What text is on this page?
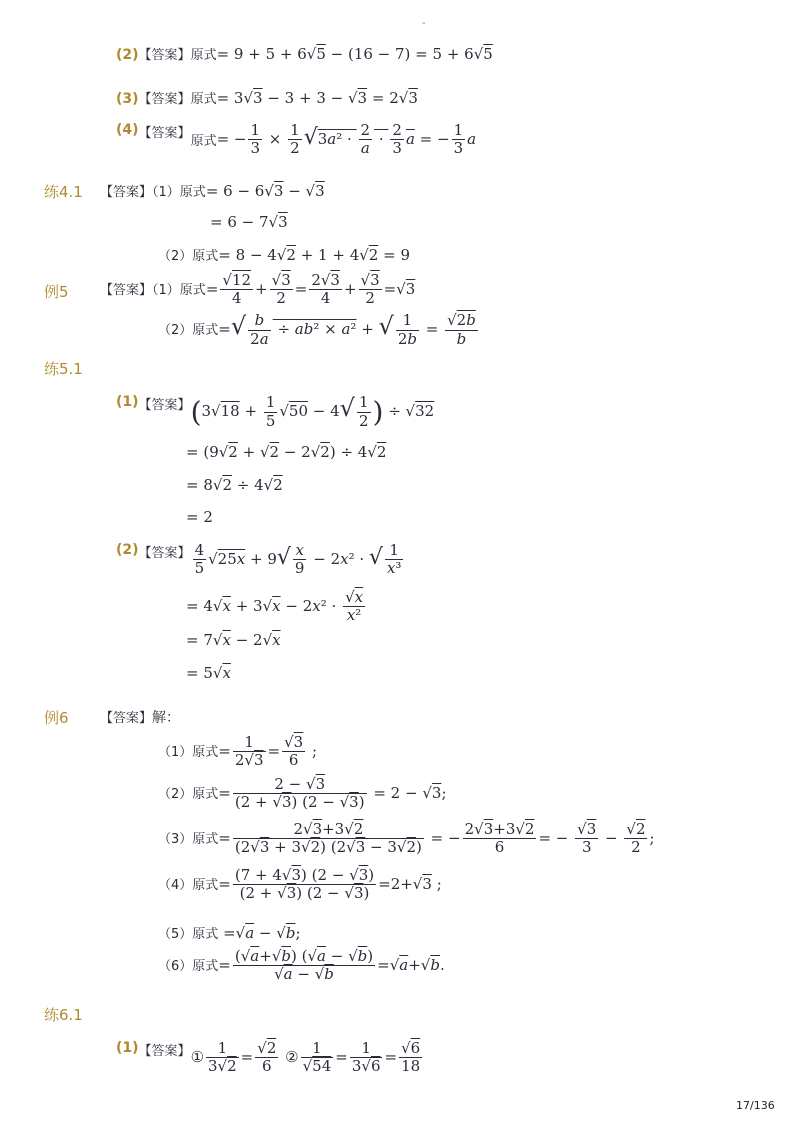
-
(2)【答案】原式= 9 + 5 + 6√5 − (16 − 7) = 5 + 6√5
(3)【答案】原式= 3√3 − 3 + 3 − √3 = 2√3
$(4)^{【答案】}$原式= − $\frac{1}{3} \times \frac{1}{2} √3a^2 \cdot \frac{2}{a} \cdot \frac{2}{3}$ a = − $\frac{1}{3}$ a
练4.1 【答案】（1）原式= 6 − 6√3 − √3
= 6 − 7√3
（2）原式= 8 − 4√2 + 1 + 4√2 = 9
例5 【答案】（1）原式= $\frac{√12}{4} + \frac{√3}{2} = \frac{2√3}{4} + \frac{√3}{2} =√3$
（2）原式=√ $\frac{b}{2a} \div ab^2 \times a^2$ + √ $\frac{1}{2b} = \frac{√2b}{b}$
练5.1
$(1)^{【答案】}(3√18 + \frac{1}{5} √50 - 4√ \frac{1}{2}$ ) ÷ √32
= (9√2 + √2 − 2√2) ÷ 4√2
= 8√2 ÷ 4√2
= 2
$(2)^{【答案】} \frac{4}{5} √25x + 9√ \frac{x}{9} - 2x^2$ · √ $\frac{1}{\text{x³}}$
= $4√x + 3√x - 2x^2 \cdot \frac{√x}{\text{x²}}$
= 7√x − 2√x
= 5√x
例6 【答案】解：
（1）原式= $\frac{1}{2√3} = \frac{√3}{6}$ ;
（2）原式= $\frac{2 - √3}{(2 + √3) (2 - √3)} = 2 - √3$;
（3）原式= $\frac{2√3+3√2}{(2√3 + 3√2) (2√3 - 3√2)}$ = − $\frac{2√3+3√2}{6}$ = − $\frac{√3}{3} - \frac{√2}{2}$ ;
（4）原式= $\frac{(7 + 4√3) (2 - √3)}{(2 + √3) (2 - √3)} =2+√3$ ;
（5）原式 =√a − √b;
（6）原式= $\frac{(√a+√b) (√a - √b)}{√a - √b} =√a+√b$.
练6.1
$(1)^{【答案】}① \frac{1}{3√2} = \frac{√2}{6}$ ② $\frac{1}{√54} = \frac{1}{3√6} = \frac{√6}{18}$
17/136
